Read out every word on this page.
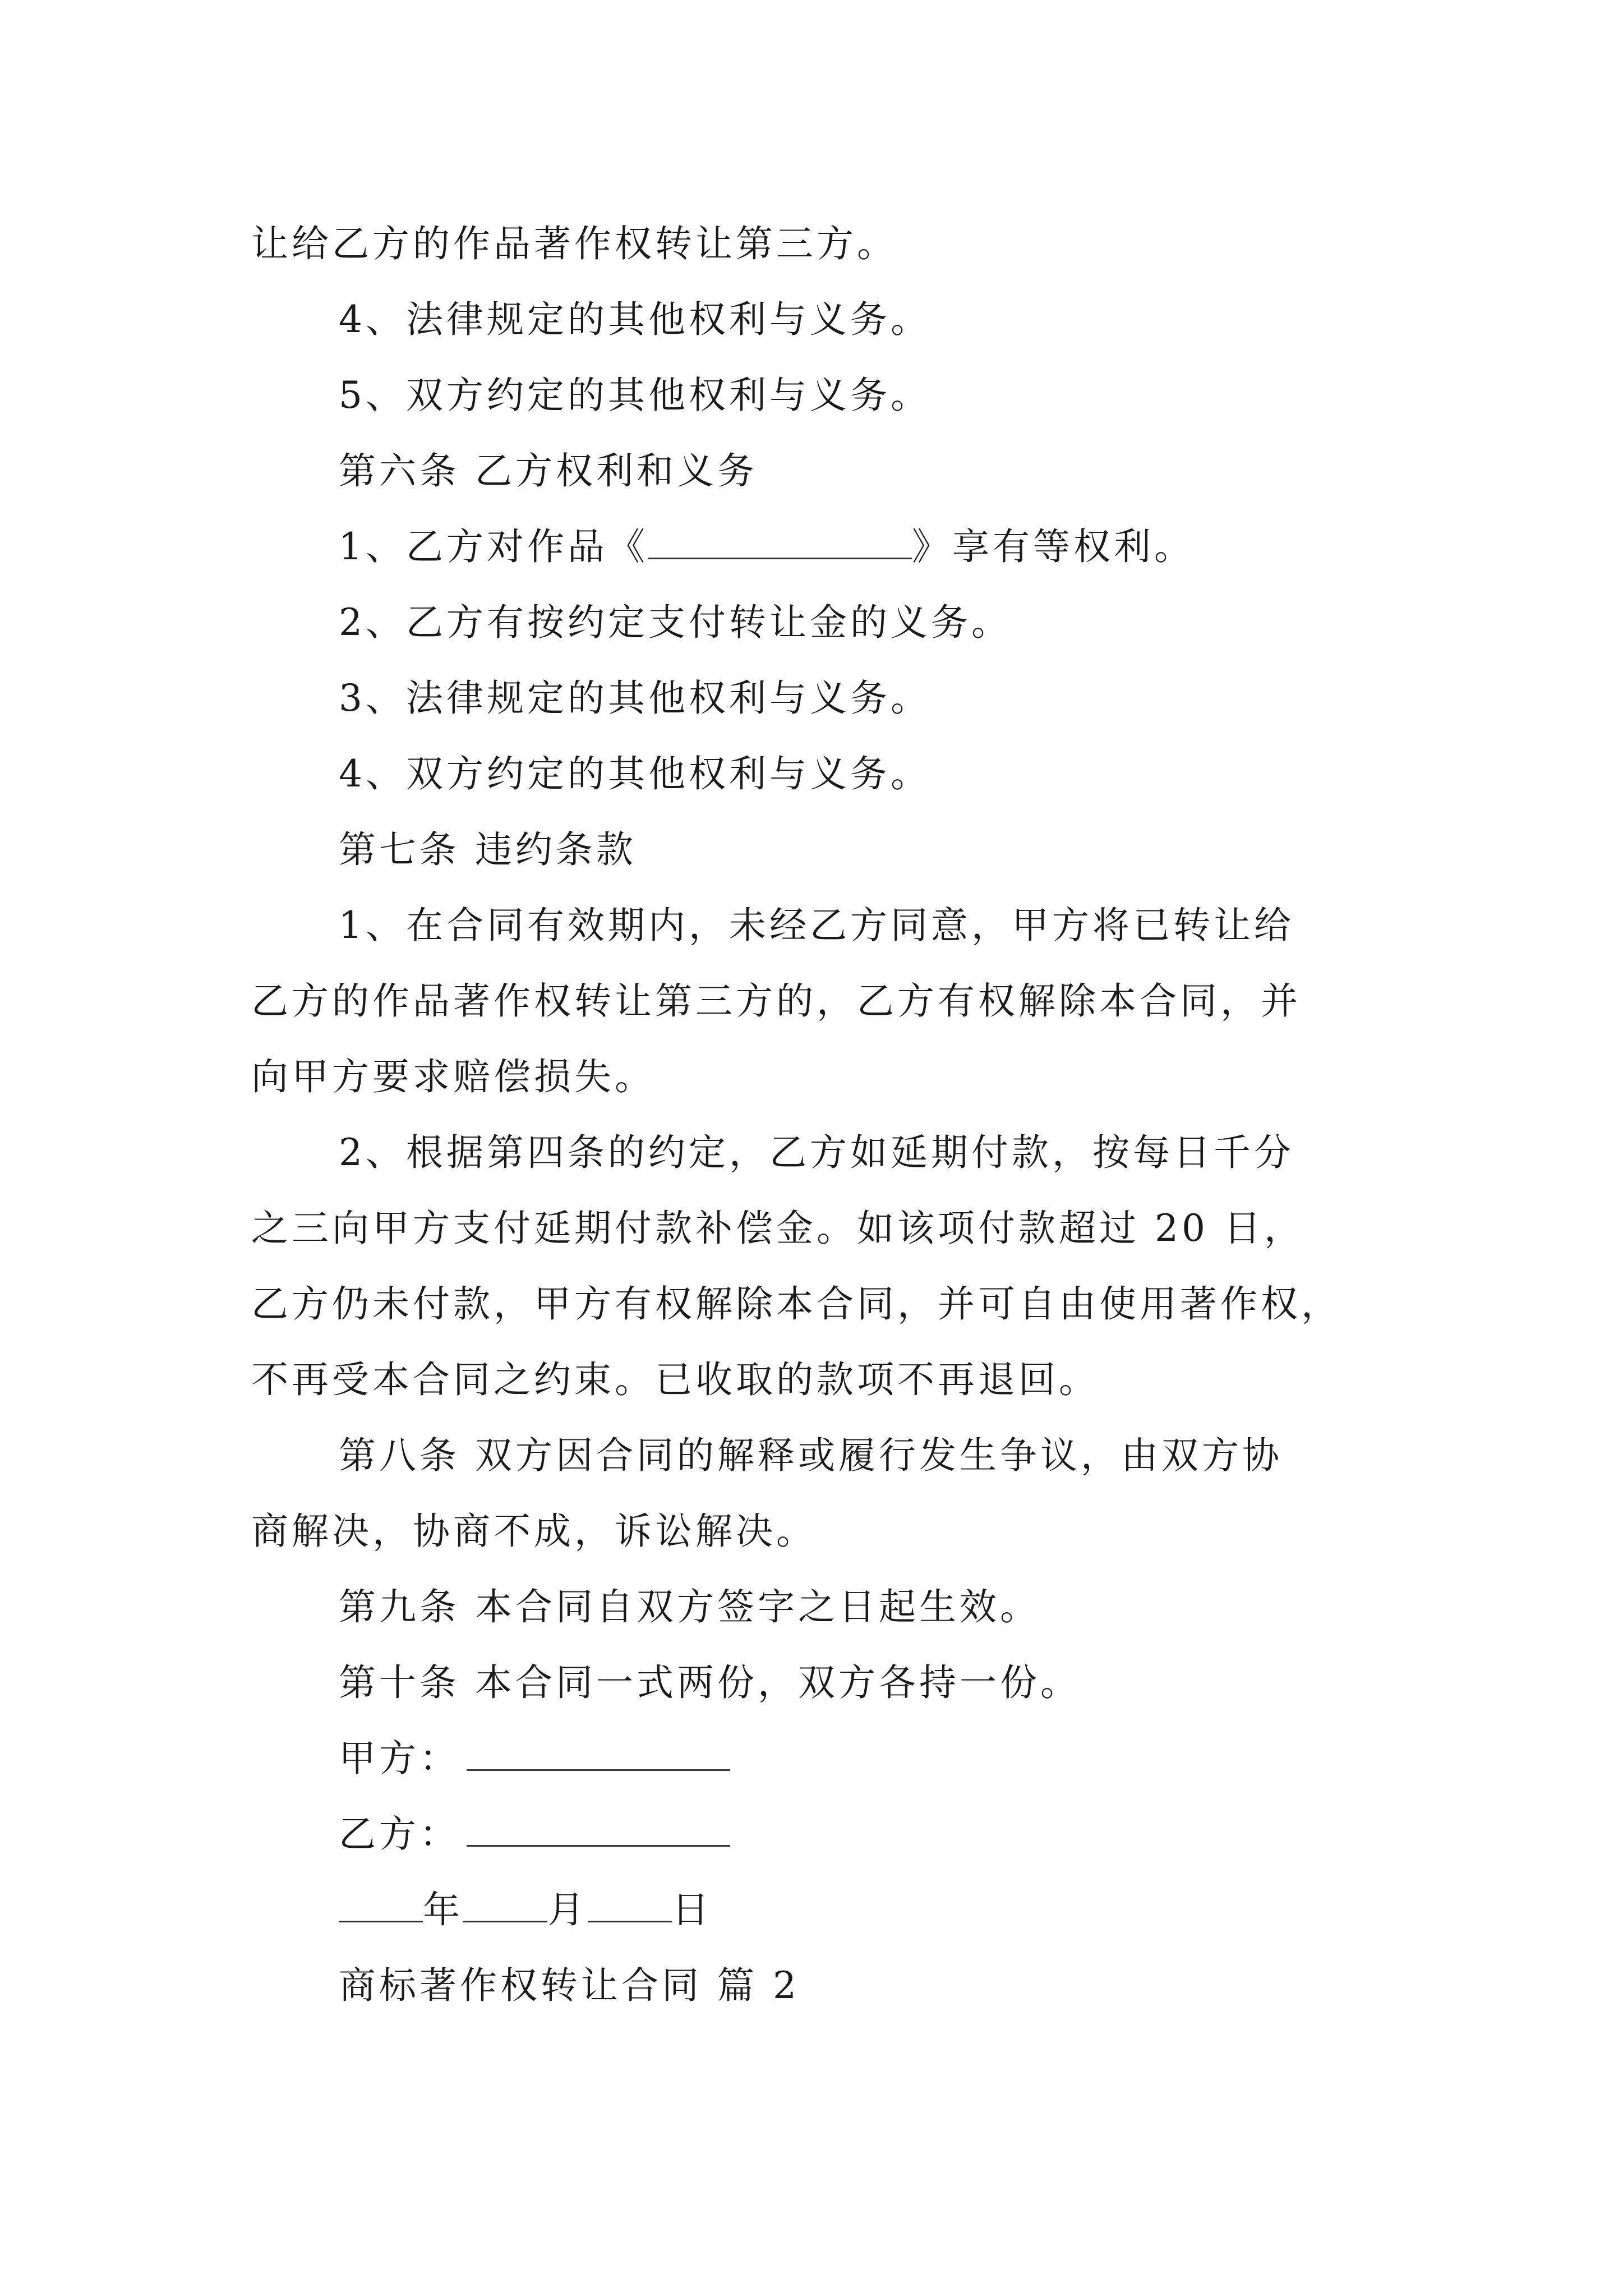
让给乙方的作品著作权转让第三方。
4、法律规定的其他权利与义务。
5、双方约定的其他权利与义务。
第六条 乙方权利和义务
1、乙方对作品《	》享有等权利。
2、乙方有按约定支付转让金的义务。
3、法律规定的其他权利与义务。
4、双方约定的其他权利与义务。
第七条 违约条款
1、在合同有效期内，未经乙方同意，甲方将已转让给
乙方的作品著作权转让第三方的，乙方有权解除本合同，并
向甲方要求赔偿损失。
2、根据第四条的约定，乙方如延期付款，按每日千分
之三向甲方支付延期付款补偿金。如该项付款超过 20 日，
乙方仍未付款，甲方有权解除本合同，并可自由使用著作权，
不再受本合同之约束。已收取的款项不再退回。
第八条 双方因合同的解释或履行发生争议，由双方协
商解决，协商不成，诉讼解决。
第九条 本合同自双方签字之日起生效。
第十条 本合同一式两份，双方各持一份。
甲方：
乙方：
年 月 日
商标著作权转让合同 篇 2
